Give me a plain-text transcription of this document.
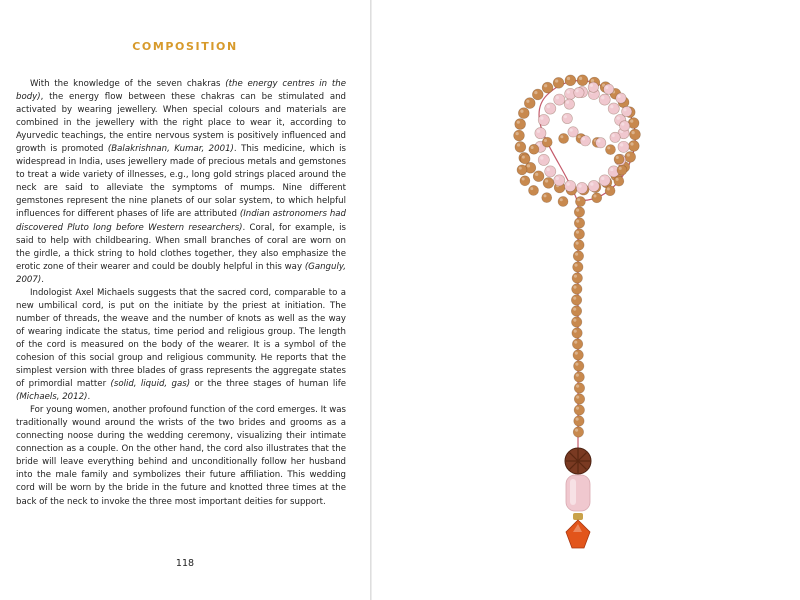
COMPOSITION

With the knowledge of the seven chakras (the energy centres in the body), the energy flow between these chakras can be stimulated and activated by wearing jewellery. When special colours and materials are combined in the jewellery with the right place to wear it, according to Ayurvedic teachings, the entire nervous system is positively influenced and growth is promoted (Balakrishnan, Kumar, 2001). This medicine, which is widespread in India, uses jewellery made of precious metals and gemstones to treat a wide variety of illnesses, e.g., long gold strings placed around the neck are said to alleviate the symptoms of mumps. Nine different gemstones represent the nine planets of our solar system, to which helpful influences for different phases of life are attributed (Indian astronomers had discovered Pluto long before Western researchers). Coral, for example, is said to help with childbearing. When small branches of coral are worn on the girdle, a thick string to hold clothes together, they also emphasize the erotic zone of their wearer and could be doubly helpful in this way (Ganguly, 2007).

Indologist Axel Michaels suggests that the sacred cord, comparable to a new umbilical cord, is put on the initiate by the priest at initiation. The number of threads, the weave and the number of knots as well as the way of wearing indicate the status, time period and religious group. The length of the cord is measured on the body of the wearer. It is a symbol of the cohesion of this social group and religious community. He reports that the simplest version with three blades of grass represents the aggregate states of primordial matter (solid, liquid, gas) or the three stages of human life (Michaels, 2012).

For young women, another profound function of the cord emerges. It was traditionally wound around the wrists of the two brides and grooms as a connecting noose during the wedding ceremony, visualizing their intimate connection as a couple. On the other hand, the cord also illustrates that the bride will leave everything behind and unconditionally follow her husband into the male family and symbolizes their future affiliation. This wedding cord will be worn by the bride in the future and knotted three times at the back of the neck to invoke the three most important deities for support.

118
